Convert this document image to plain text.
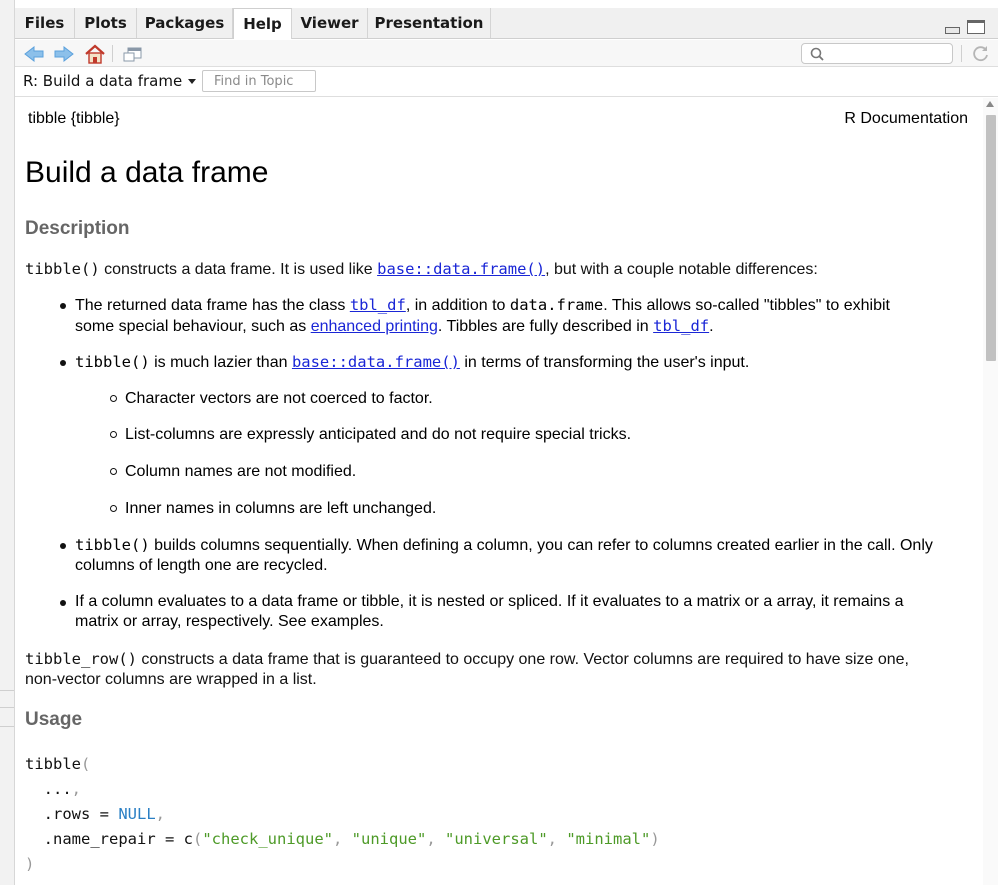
Files	Plots	Packages	Help	Viewer	Presentation
R: Build a data frame
Find in Topic
tibble {tibble}	R Documentation
Build a data frame
Description
tibble() constructs a data frame. It is used like base::data.frame(), but with a couple notable differences:
The returned data frame has the class tbl_df, in addition to data.frame. This allows so-called "tibbles" to exhibit
some special behaviour, such as enhanced printing. Tibbles are fully described in tbl_df.
tibble() is much lazier than base::data.frame() in terms of transforming the user's input.
Character vectors are not coerced to factor.
List-columns are expressly anticipated and do not require special tricks.
Column names are not modified.
Inner names in columns are left unchanged.
tibble() builds columns sequentially. When defining a column, you can refer to columns created earlier in the call. Only
columns of length one are recycled.
If a column evaluates to a data frame or tibble, it is nested or spliced. If it evaluates to a matrix or a array, it remains a
matrix or array, respectively. See examples.
tibble_row() constructs a data frame that is guaranteed to occupy one row. Vector columns are required to have size one,
non-vector columns are wrapped in a list.
Usage
tibble(
...,
.rows = NULL,
.name_repair = c("check_unique", "unique", "universal", "minimal")
)
